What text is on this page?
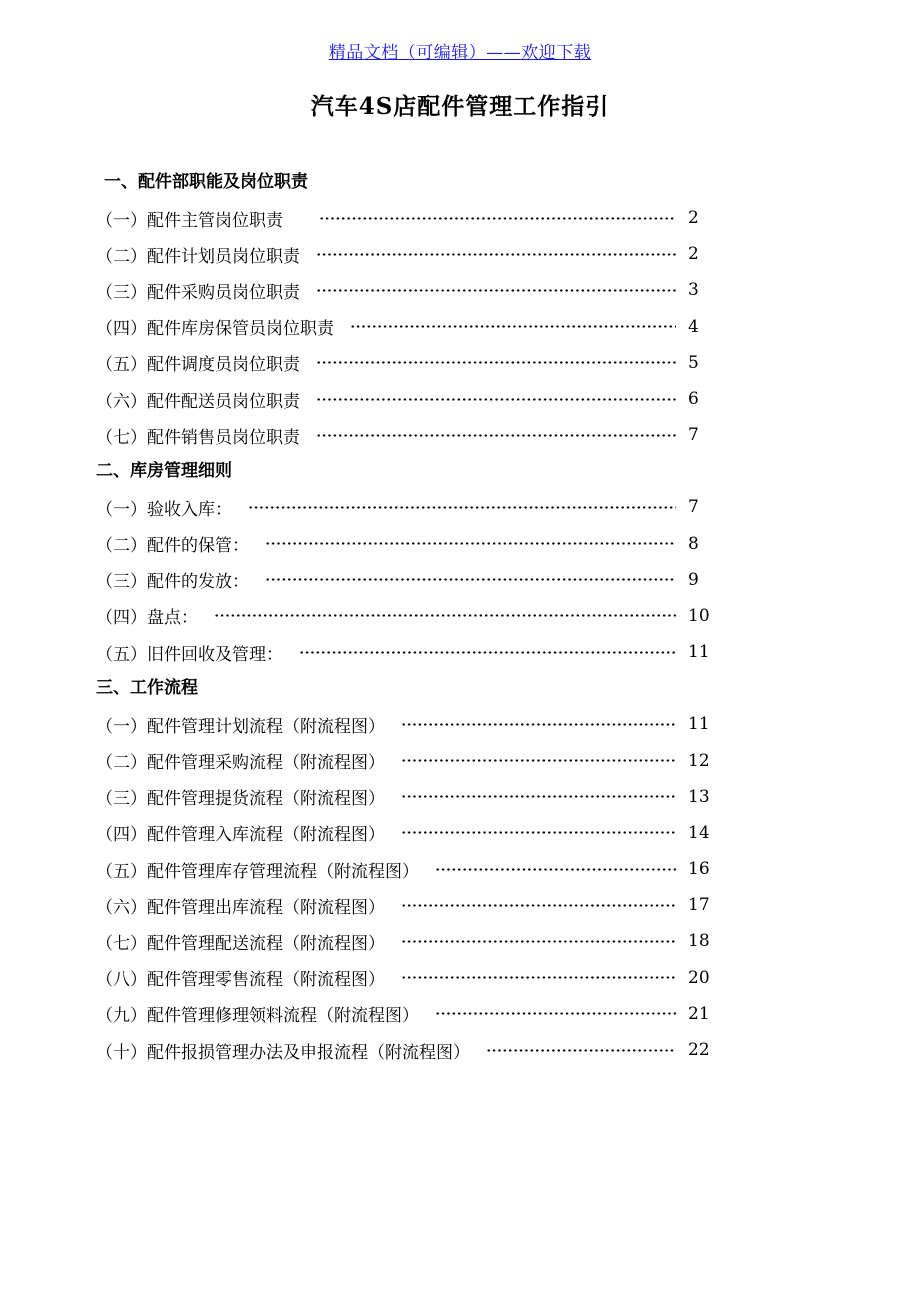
精品文档（可编辑）——欢迎下载
汽车4S店配件管理工作指引
一、配件部职能及岗位职责
（一）配件主管岗位职责	2
（二）配件计划员岗位职责	2
（三）配件采购员岗位职责	3
（四）配件库房保管员岗位职责	4
（五）配件调度员岗位职责	5
（六）配件配送员岗位职责	6
（七）配件销售员岗位职责	7
二、库房管理细则
（一）验收入库：	7
（二）配件的保管：	8
（三）配件的发放：	9
（四）盘点：	10
（五）旧件回收及管理：	11
三、工作流程
（一）配件管理计划流程（附流程图）	11
（二）配件管理采购流程（附流程图）	12
（三）配件管理提货流程（附流程图）	13
（四）配件管理入库流程（附流程图）	14
（五）配件管理库存管理流程（附流程图）	16
（六）配件管理出库流程（附流程图）	17
（七）配件管理配送流程（附流程图）	18
（八）配件管理零售流程（附流程图）	20
（九）配件管理修理领料流程（附流程图）	21
（十）配件报损管理办法及申报流程（附流程图）	22
